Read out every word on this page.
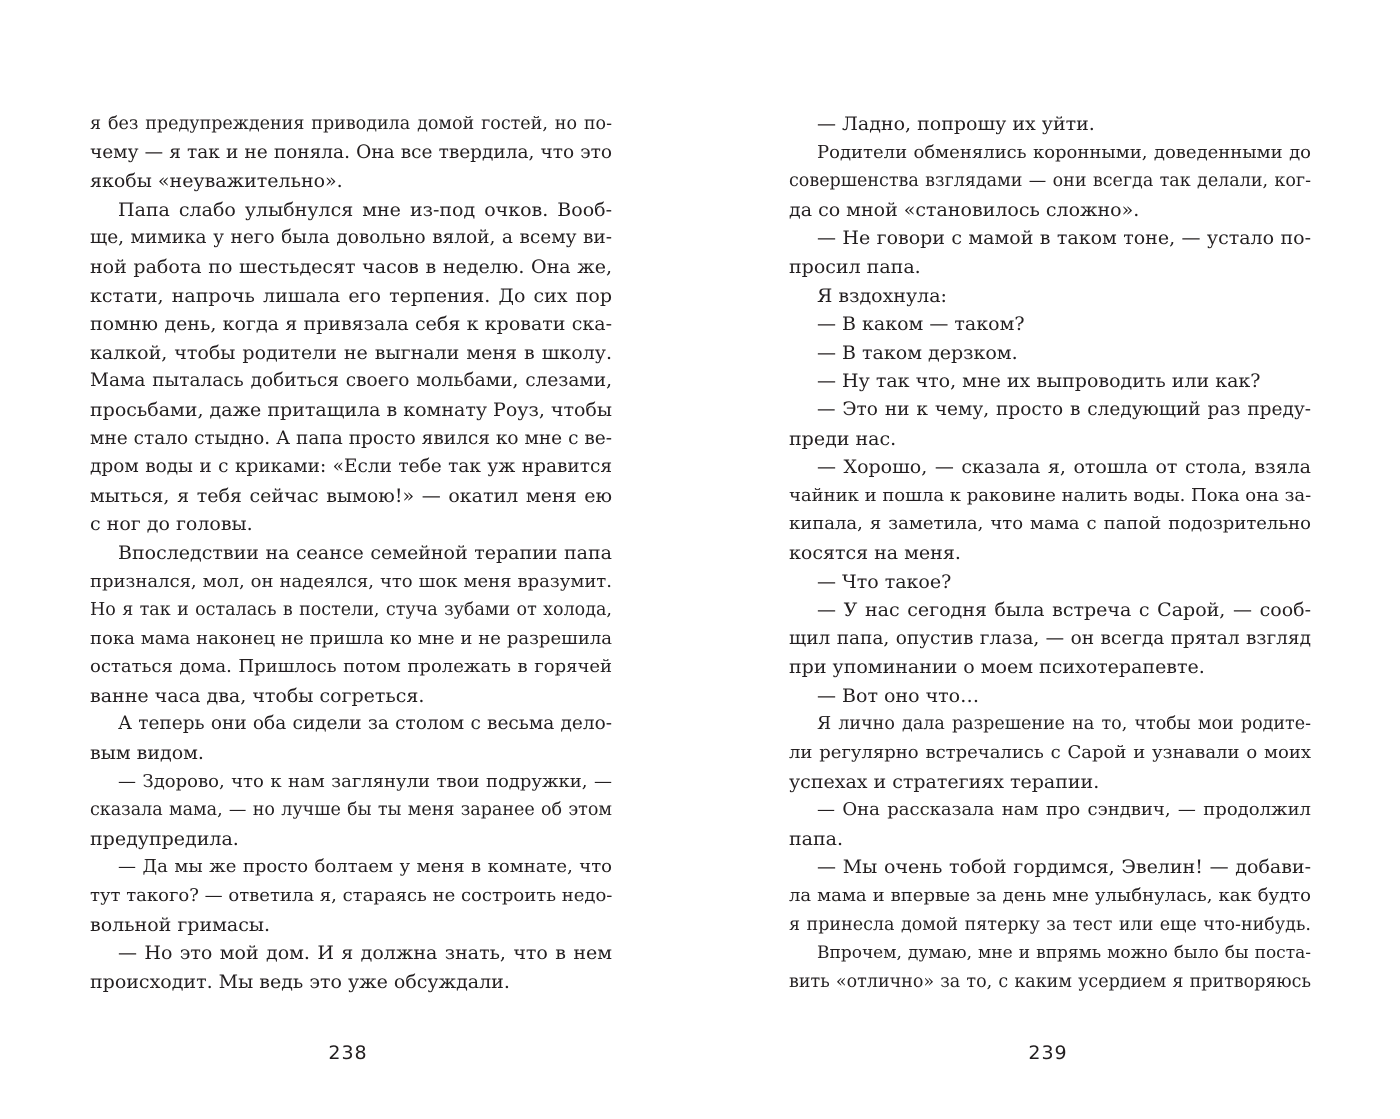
я без предупреждения приводила домой гостей, но по-
чему — я так и не поняла. Она все твердила, что это
якобы «неуважительно».
Папа слабо улыбнулся мне из-под очков. Вооб-
ще, мимика у него была довольно вялой, а всему ви-
ной работа по шестьдесят часов в неделю. Она же,
кстати, напрочь лишала его терпения. До сих пор
помню день, когда я привязала себя к кровати ска-
калкой, чтобы родители не выгнали меня в школу.
Мама пыталась добиться своего мольбами, слезами,
просьбами, даже притащила в комнату Роуз, чтобы
мне стало стыдно. А папа просто явился ко мне с ве-
дром воды и с криками: «Если тебе так уж нравится
мыться, я тебя сейчас вымою!» — окатил меня ею
с ног до головы.
Впоследствии на сеансе семейной терапии папа
признался, мол, он надеялся, что шок меня вразумит.
Но я так и осталась в постели, стуча зубами от холода,
пока мама наконец не пришла ко мне и не разрешила
остаться дома. Пришлось потом пролежать в горячей
ванне часа два, чтобы согреться.
А теперь они оба сидели за столом с весьма дело-
вым видом.
— Здорово, что к нам заглянули твои подружки, —
сказала мама, — но лучше бы ты меня заранее об этом
предупредила.
— Да мы же просто болтаем у меня в комнате, что
тут такого? — ответила я, стараясь не состроить недо-
вольной гримасы.
— Но это мой дом. И я должна знать, что в нем
происходит. Мы ведь это уже обсуждали.
— Ладно, попрошу их уйти.
Родители обменялись коронными, доведенными до
совершенства взглядами — они всегда так делали, ког-
да со мной «становилось сложно».
— Не говори с мамой в таком тоне, — устало по-
просил папа.
Я вздохнула:
— В каком — таком?
— В таком дерзком.
— Ну так что, мне их выпроводить или как?
— Это ни к чему, просто в следующий раз преду-
преди нас.
— Хорошо, — сказала я, отошла от стола, взяла
чайник и пошла к раковине налить воды. Пока она за-
кипала, я заметила, что мама с папой подозрительно
косятся на меня.
— Что такое?
— У нас сегодня была встреча с Сарой, — сооб-
щил папа, опустив глаза, — он всегда прятал взгляд
при упоминании о моем психотерапевте.
— Вот оно что…
Я лично дала разрешение на то, чтобы мои родите-
ли регулярно встречались с Сарой и узнавали о моих
успехах и стратегиях терапии.
— Она рассказала нам про сэндвич, — продолжил
папа.
— Мы очень тобой гордимся, Эвелин! — добави-
ла мама и впервые за день мне улыбнулась, как будто
я принесла домой пятерку за тест или еще что-нибудь.
Впрочем, думаю, мне и впрямь можно было бы поста-
вить «отлично» за то, с каким усердием я притворяюсь
238	239
